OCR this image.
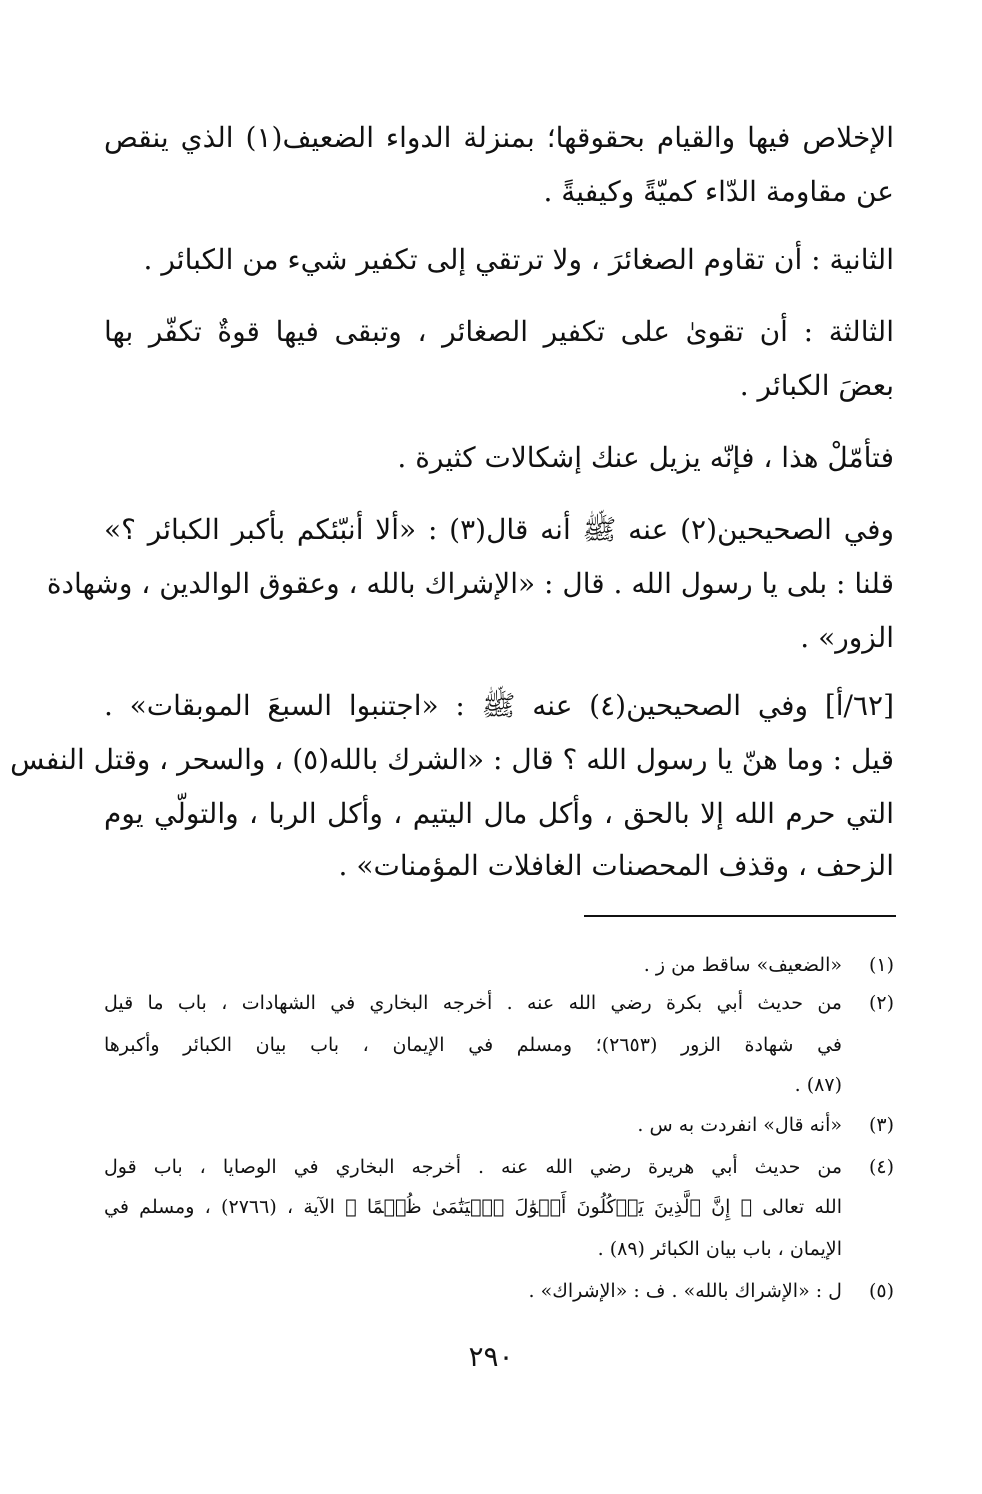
الإخلاص فيها والقيام بحقوقها؛ بمنزلة الدواء الضعيف(١) الذي ينقص
عن مقاومة الدّاء كميّةً وكيفيةً .
الثانية : أن تقاوم الصغائرَ ، ولا ترتقي إلى تكفير شيء من الكبائر .
الثالثة : أن تقوىٰ على تكفير الصغائر ، وتبقى فيها قوةٌ تكفّر بها
بعضَ الكبائر .
فتأمّلْ هذا ، فإنّه يزيل عنك إشكالات كثيرة .
وفي الصحيحين(٢) عنه ﷺ أنه قال(٣) : «ألا أنبّئكم بأكبر الكبائر ؟»
قلنا : بلى يا رسول الله . قال : «الإشراك بالله ، وعقوق الوالدين ، وشهادة
الزور» .
[٦٢/أ] وفي الصحيحين(٤) عنه ﷺ : «اجتنبوا السبعَ الموبقات» .
قيل : وما هنّ يا رسول الله ؟ قال : «الشرك بالله(٥) ، والسحر ، وقتل النفس
التي حرم الله إلا بالحق ، وأكل مال اليتيم ، وأكل الربا ، والتولّي يوم
الزحف ، وقذف المحصنات الغافلات المؤمنات» .
(١)«الضعيف» ساقط من ز .
(٢)
من حديث أبي بكرة رضي الله عنه . أخرجه البخاري في الشهادات ، باب ما قيل
في شهادة الزور (٢٦٥٣)؛ ومسلم في الإيمان ، باب بيان الكبائر وأكبرها
(٨٧) .
(٣)«أنه قال» انفردت به س .
(٤)
من حديث أبي هريرة رضي الله عنه . أخرجه البخاري في الوصايا ، باب قول
الله تعالى ﴿ إِنَّ ٱلَّذِينَ يَأۡكُلُونَ أَمۡوَٰلَ ٱلۡيَتَٰمَىٰ ظُلۡمًا ﴾ الآية ، (٢٧٦٦) ، ومسلم في
الإيمان ، باب بيان الكبائر (٨٩) .
(٥)ل : «الإشراك بالله» . ف : «الإشراك» .
٢٩٠
